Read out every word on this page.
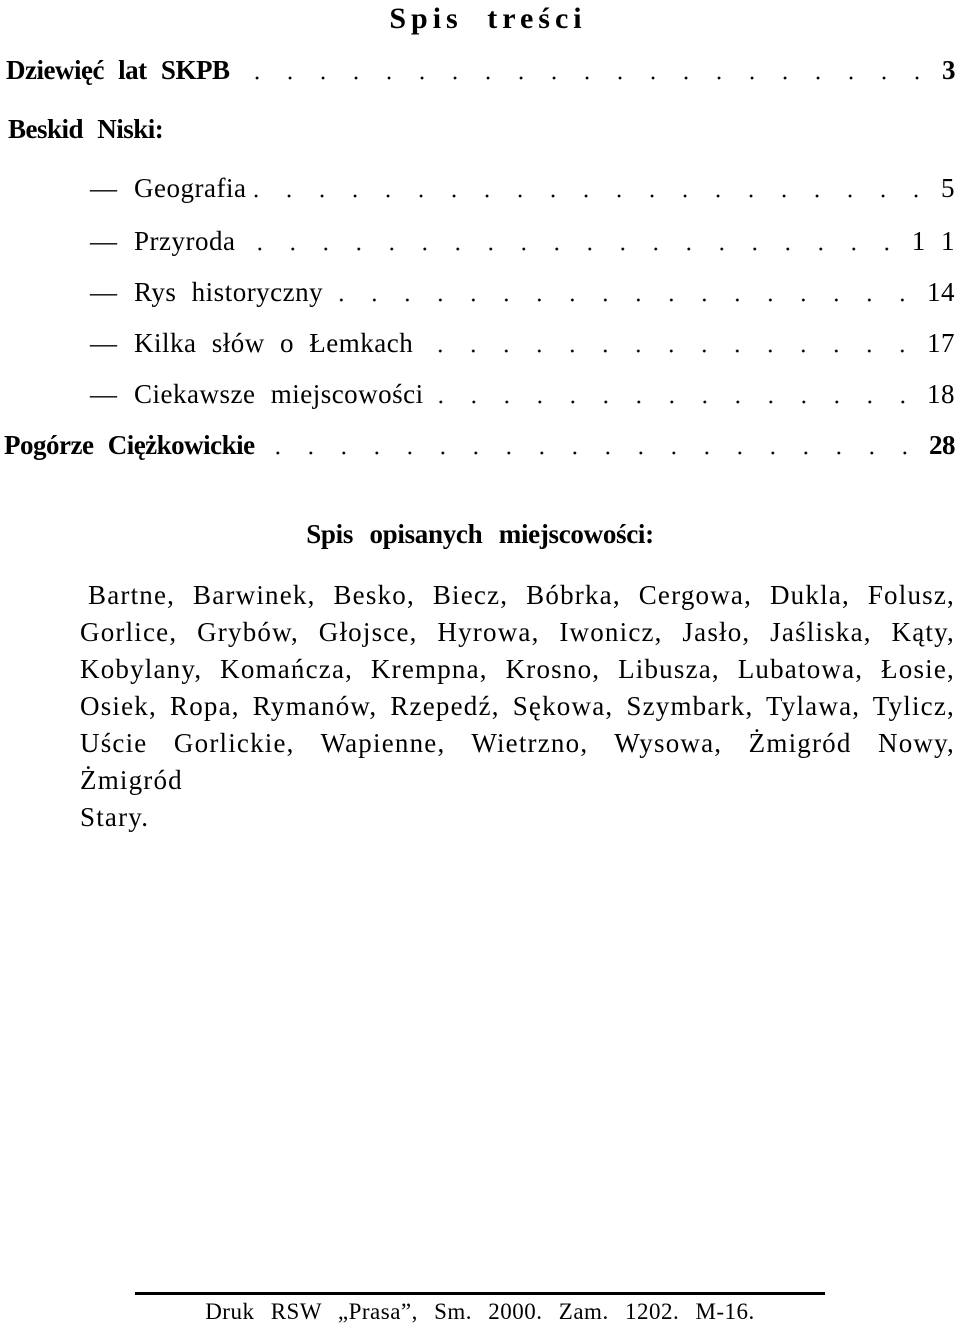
Spis treści
Dziewięć lat SKPB	3
Beskid Niski:
— Geografia	5
— Przyroda	1 1
— Rys historyczny	14
— Kilka słów o Łemkach	17
— Ciekawsze miejscowości	18
Pogórze Ciężkowickie	28
Spis opisanych miejscowości:
Bartne, Barwinek, Besko, Biecz, Bóbrka, Cergowa, Dukla, Folusz, Gorlice, Grybów, Głojsce, Hyrowa, Iwonicz, Jasło, Jaśliska, Kąty, Kobylany, Komańcza, Krempna, Krosno, Libusza, Lubatowa, Łosie, Osiek, Ropa, Rymanów, Rzepedź, Sękowa, Szymbark, Tylawa, Tylicz, Uście Gorlickie, Wapienne, Wietrzno, Wysowa, Żmigród Nowy, Żmigród
Stary.
Druk RSW „Prasa”, Sm. 2000. Zam. 1202. M-16.
